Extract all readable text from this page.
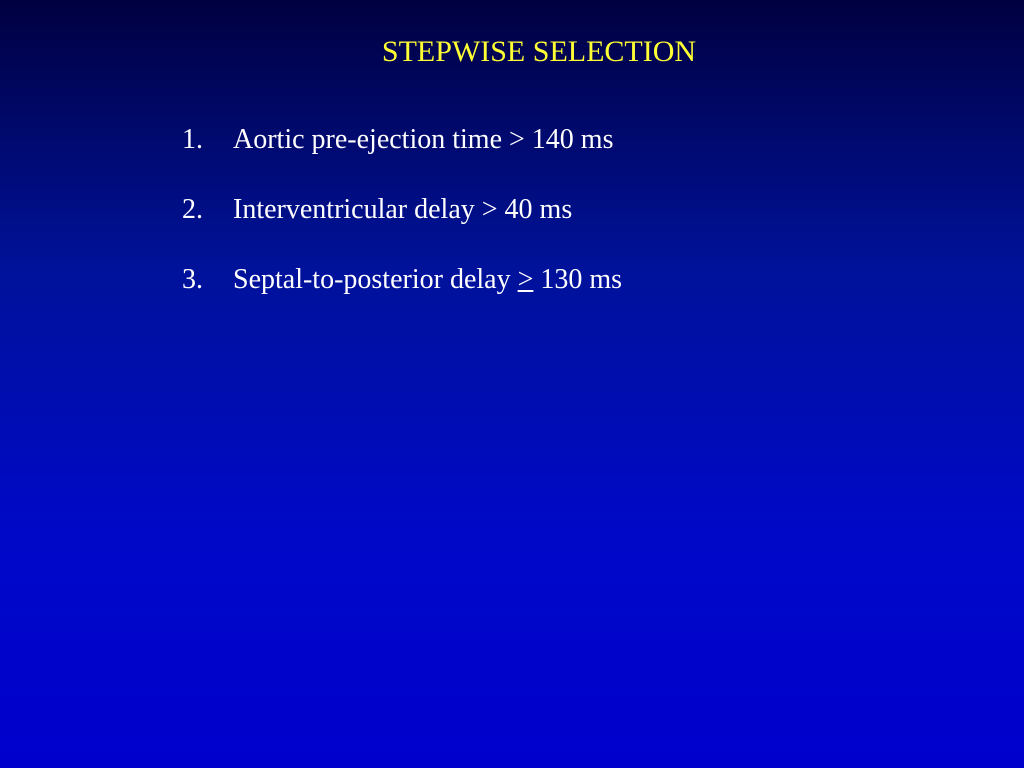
STEPWISE SELECTION
1. Aortic pre-ejection time > 140 ms
2. Interventricular delay > 40 ms
3. Septal-to-posterior delay ≥ 130 ms
